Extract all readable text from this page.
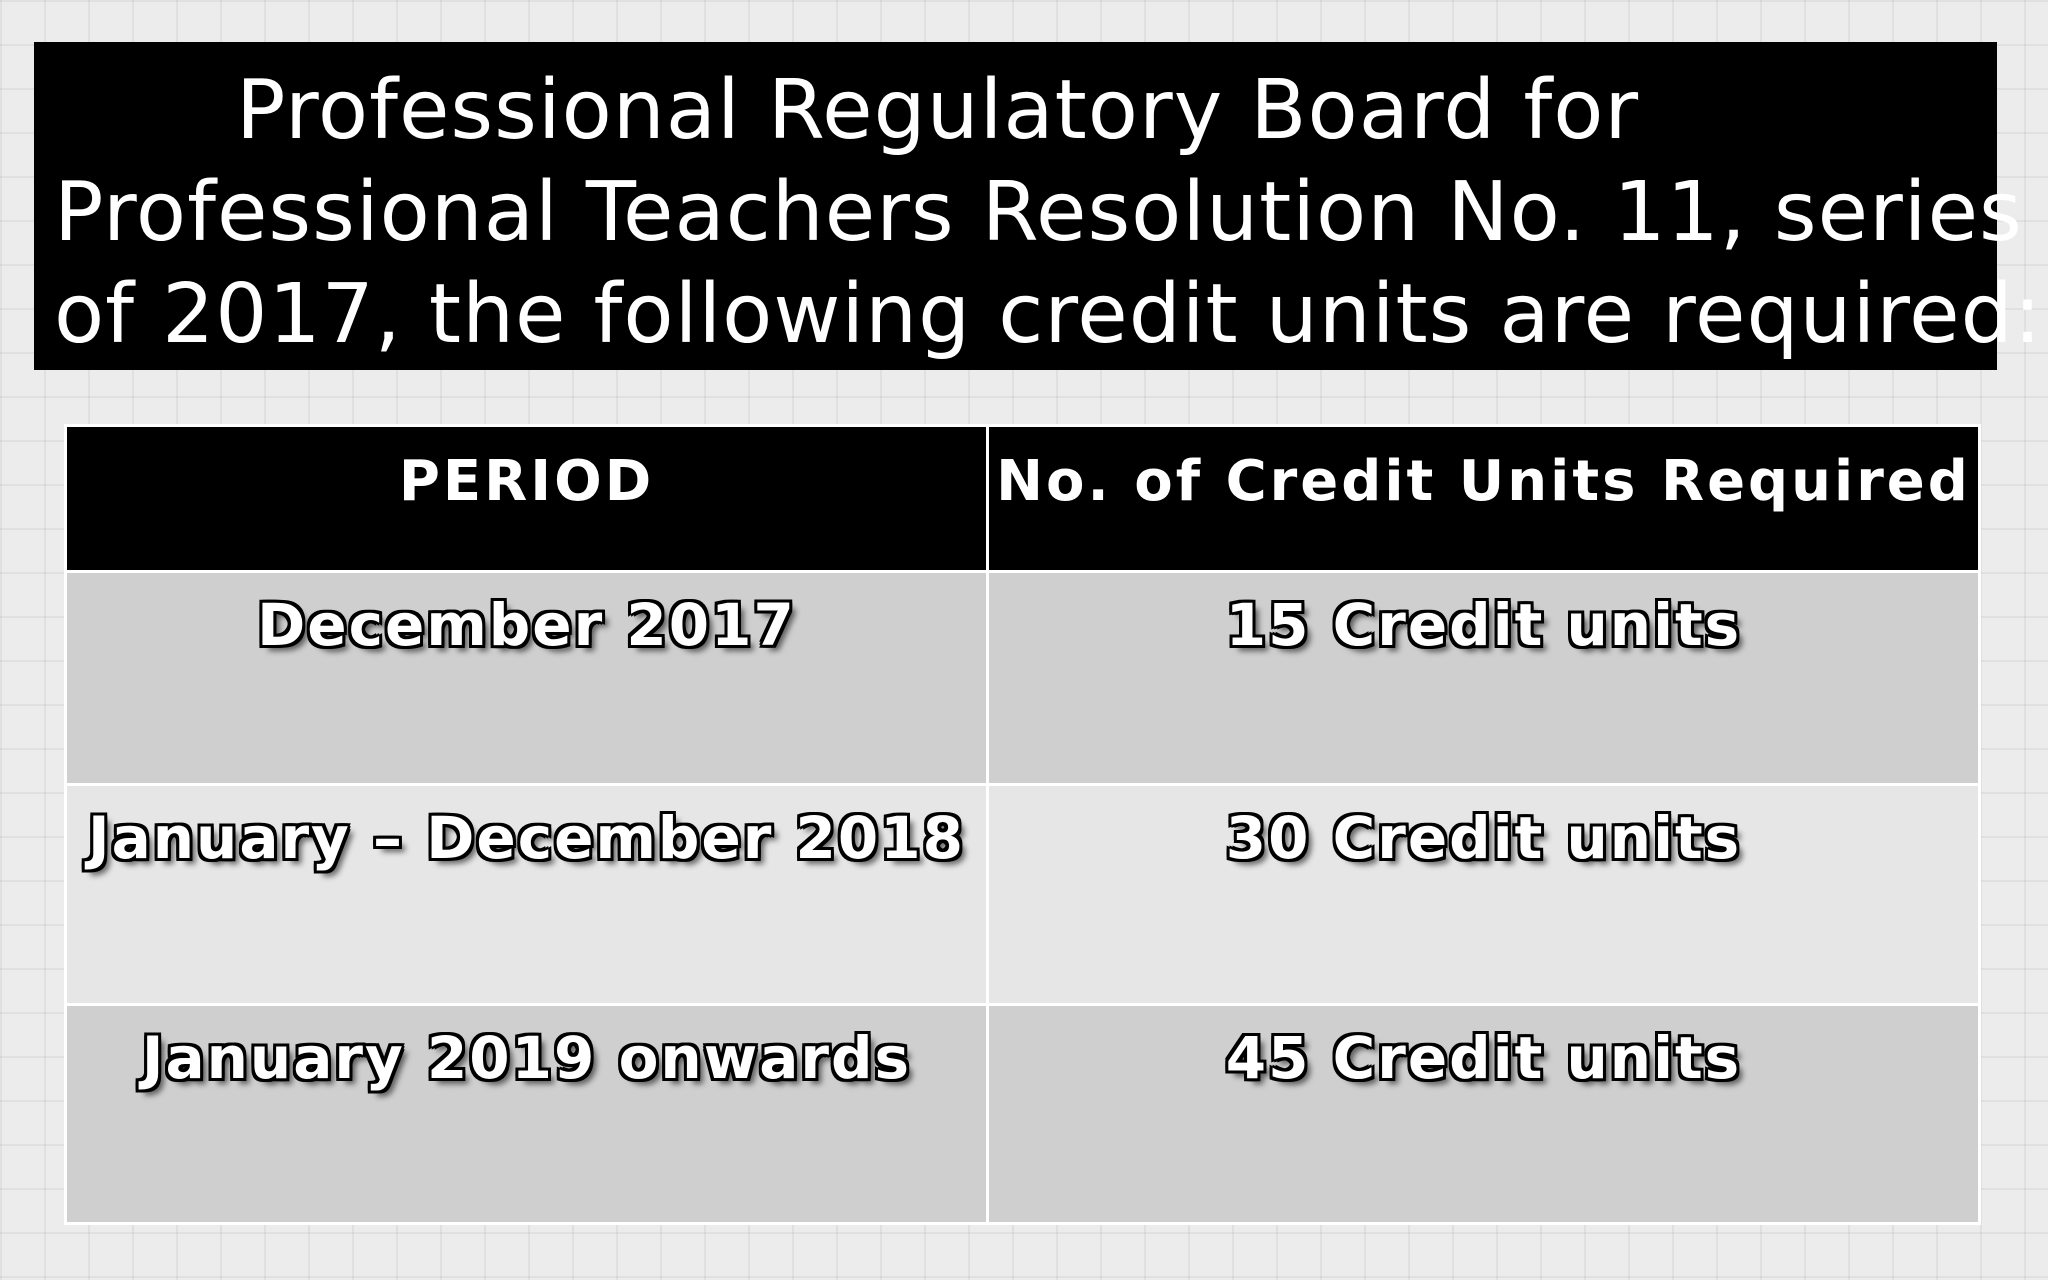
Professional Regulatory Board for
Professional Teachers Resolution No. 11, series
of 2017, the following credit units are required:
PERIOD	No. of Credit Units Required
December 2017	15 Credit units
January – December 2018	30 Credit units
January 2019 onwards	45 Credit units
